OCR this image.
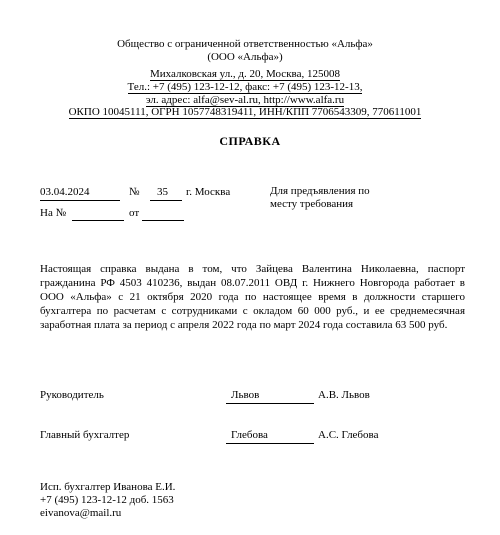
Общество с ограниченной ответственностью «Альфа»
(ООО «Альфа»)
Михалковская ул., д. 20, Москва, 125008
Тел.: +7 (495) 123-12-12, факс: +7 (495) 123-12-13,
эл. адрес: alfa@sev-al.ru, http://www.alfa.ru
ОКПО 10045111, ОГРН 1057748319411, ИНН/КПП 7706543309, 770611001
СПРАВКА
03.04.2024	№ 35 г. Москва
На №	от
Для предъявления по месту требования
Настоящая справка выдана в том, что Зайцева Валентина Николаевна, паспорт гражданина РФ 4503 410236, выдан 08.07.2011 ОВД г. Нижнего Новгорода работает в ООО «Альфа» с 21 октября 2020 года по настоящее время в должности старшего бухгалтера по расчетам с сотрудниками с окладом 60 000 руб., и ее среднемесячная заработная плата за период с апреля 2022 года по март 2024 года составила 63 500 руб.
Руководитель	Львов	А.В. Львов
Главный бухгалтер	Глебова	А.С. Глебова
Исп. бухгалтер Иванова Е.И.
+7 (495) 123-12-12 доб. 1563
eivanova@mail.ru
